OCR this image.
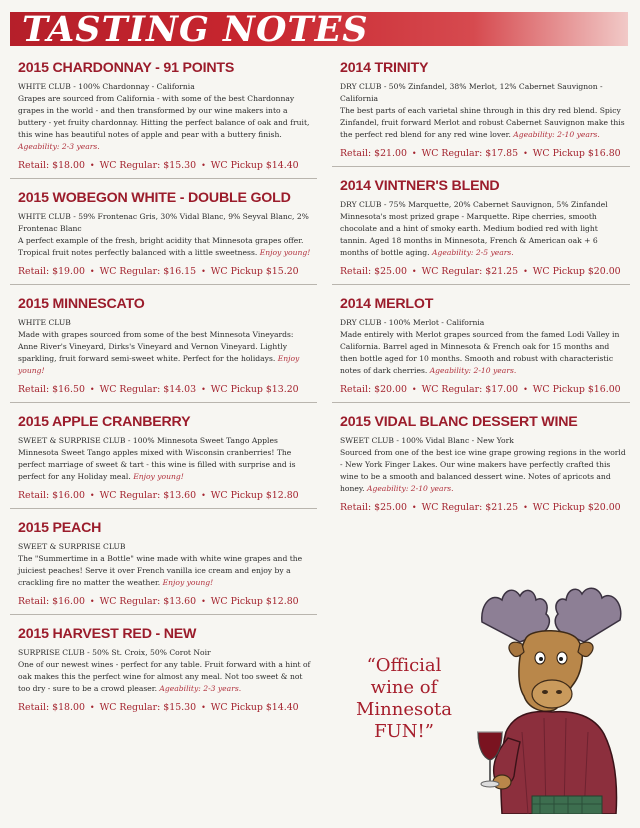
TASTING NOTES

2015 CHARDONNAY - 91 POINTS

WHITE CLUB - 100% Chardonnay - California

Grapes are sourced from California - with some of the best Chardonnay grapes in the world - and then transformed by our wine makers into a buttery - yet fruity chardonnay. Hitting the perfect balance of oak and fruit, this wine has beautiful notes of apple and pear with a buttery finish. Ageability: 2-3 years.

Retail: $18.00 • WC Regular: $15.30 • WC Pickup $14.40

2015 WOBEGON WHITE - DOUBLE GOLD

WHITE CLUB - 59% Frontenac Gris, 30% Vidal Blanc, 9% Seyval Blanc, 2% Frontenac Blanc

A perfect example of the fresh, bright acidity that Minnesota grapes offer. Tropical fruit notes perfectly balanced with a little sweetness. Enjoy young!

Retail: $19.00 • WC Regular: $16.15 • WC Pickup $15.20

2015 MINNESCATO

WHITE CLUB

Made with grapes sourced from some of the best Minnesota Vineyards: Anne River's Vineyard, Dirks's Vineyard and Vernon Vineyard. Lightly sparkling, fruit forward semi-sweet white. Perfect for the holidays. Enjoy young!

Retail: $16.50 • WC Regular: $14.03 • WC Pickup $13.20

2015 APPLE CRANBERRY

SWEET & SURPRISE CLUB - 100% Minnesota Sweet Tango Apples

Minnesota Sweet Tango apples mixed with Wisconsin cranberries! The perfect marriage of sweet & tart - this wine is filled with surprise and is perfect for any Holiday meal. Enjoy young!

Retail: $16.00 • WC Regular: $13.60 • WC Pickup $12.80

2015 PEACH

SWEET & SURPRISE CLUB

The "Summertime in a Bottle" wine made with white wine grapes and the juiciest peaches! Serve it over French vanilla ice cream and enjoy by a crackling fire no matter the weather. Enjoy young!

Retail: $16.00 • WC Regular: $13.60 • WC Pickup $12.80

2015 HARVEST RED - NEW

SURPRISE CLUB - 50% St. Croix, 50% Corot Noir

One of our newest wines - perfect for any table. Fruit forward with a hint of oak makes this the perfect wine for almost any meal. Not too sweet & not too dry - sure to be a crowd pleaser. Ageability: 2-3 years.

Retail: $18.00 • WC Regular: $15.30 • WC Pickup $14.40

2014 TRINITY

DRY CLUB - 50% Zinfandel, 38% Merlot, 12% Cabernet Sauvignon - California

The best parts of each varietal shine through in this dry red blend. Spicy Zinfandel, fruit forward Merlot and robust Cabernet Sauvignon make this the perfect red blend for any red wine lover. Ageability: 2-10 years.

Retail: $21.00 • WC Regular: $17.85 • WC Pickup $16.80

2014 VINTNER'S BLEND

DRY CLUB - 75% Marquette, 20% Cabernet Sauvignon, 5% Zinfandel

Minnesota's most prized grape - Marquette. Ripe cherries, smooth chocolate and a hint of smoky earth. Medium bodied red with light tannin. Aged 18 months in Minnesota, French & American oak + 6 months of bottle aging. Ageability: 2-5 years.

Retail: $25.00 • WC Regular: $21.25 • WC Pickup $20.00

2014 MERLOT

DRY CLUB - 100% Merlot - California

Made entirely with Merlot grapes sourced from the famed Lodi Valley in California. Barrel aged in Minnesota & French oak for 15 months and then bottle aged for 10 months. Smooth and robust with characteristic notes of dark cherries. Ageability: 2-10 years.

Retail: $20.00 • WC Regular: $17.00 • WC Pickup $16.00

2015 VIDAL BLANC DESSERT WINE

SWEET CLUB - 100% Vidal Blanc - New York

Sourced from one of the best ice wine grape growing regions in the world - New York Finger Lakes. Our wine makers have perfectly crafted this wine to be a smooth and balanced dessert wine. Notes of apricots and honey. Ageability: 2-10 years.

Retail: $25.00 • WC Regular: $21.25 • WC Pickup $20.00
“Official
wine of
Minnesota
FUN!”
